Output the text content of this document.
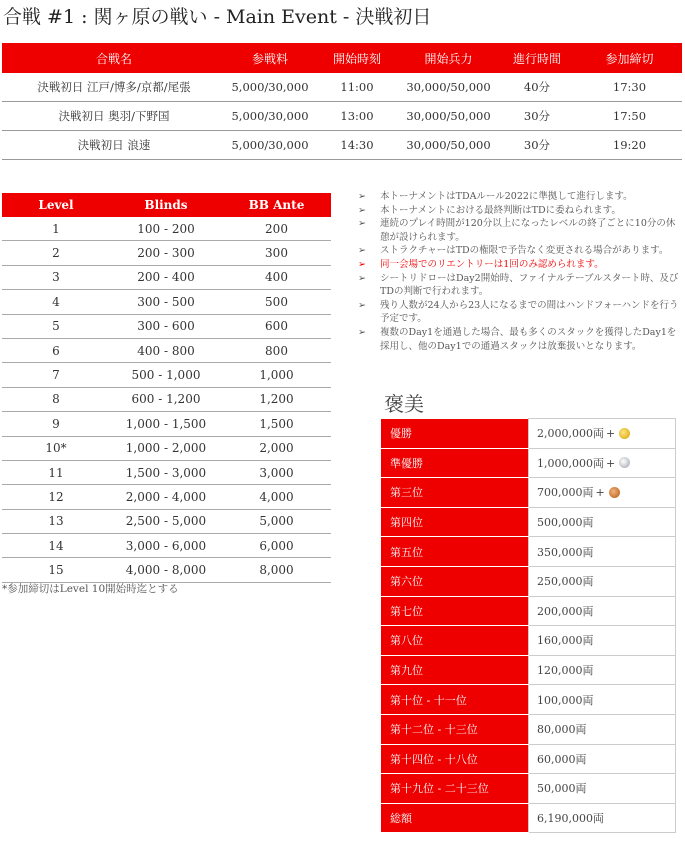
合戦 #1 : 関ヶ原の戦い - Main Event - 決戦初日
合戦名	参戦料	開始時刻	開始兵力	進行時間	参加締切
決戦初日 江戸/博多/京都/尾張	5,000/30,000	11:00	30,000/50,000	40分	17:30
決戦初日 奥羽/下野国	5,000/30,000	13:00	30,000/50,000	30分	17:50
決戦初日 浪速	5,000/30,000	14:30	30,000/50,000	30分	19:20
Level	Blinds	BB Ante
1	100 - 200	200
2	200 - 300	300
3	200 - 400	400
4	300 - 500	500
5	300 - 600	600
6	400 - 800	800
7	500 - 1,000	1,000
8	600 - 1,200	1,200
9	1,000 - 1,500	1,500
10*	1,000 - 2,000	2,000
11	1,500 - 3,000	3,000
12	2,000 - 4,000	4,000
13	2,500 - 5,000	5,000
14	3,000 - 6,000	6,000
15	4,000 - 8,000	8,000
*参加締切はLevel 10開始時迄とする
➢ 本トーナメントはTDAルール2022に準拠して進行します。
➢ 本トーナメントにおける最終判断はTDに委ねられます。
➢ 連続のプレイ時間が120分以上になったレベルの終了ごとに10分の休憩が設けられます。
➢ ストラクチャーはTDの権限で予告なく変更される場合があります。
➢ 同一会場でのリエントリーは1回のみ認められます。
➢ シートリドローはDay2開始時、ファイナルテーブルスタート時、及びTDの判断で行われます。
➢ 残り人数が24人から23人になるまでの間はハンドフォーハンドを行う予定です。
➢ 複数のDay1を通過した場合、最も多くのスタックを獲得したDay1を採用し、他のDay1での通過スタックは放棄扱いとなります。
褒美
優勝	2,000,000両 +
準優勝	1,000,000両 +
第三位	700,000両 +
第四位	500,000両
第五位	350,000両
第六位	250,000両
第七位	200,000両
第八位	160,000両
第九位	120,000両
第十位 - 十一位	100,000両
第十二位 - 十三位	80,000両
第十四位 - 十八位	60,000両
第十九位 - 二十三位	50,000両
総額	6,190,000両
